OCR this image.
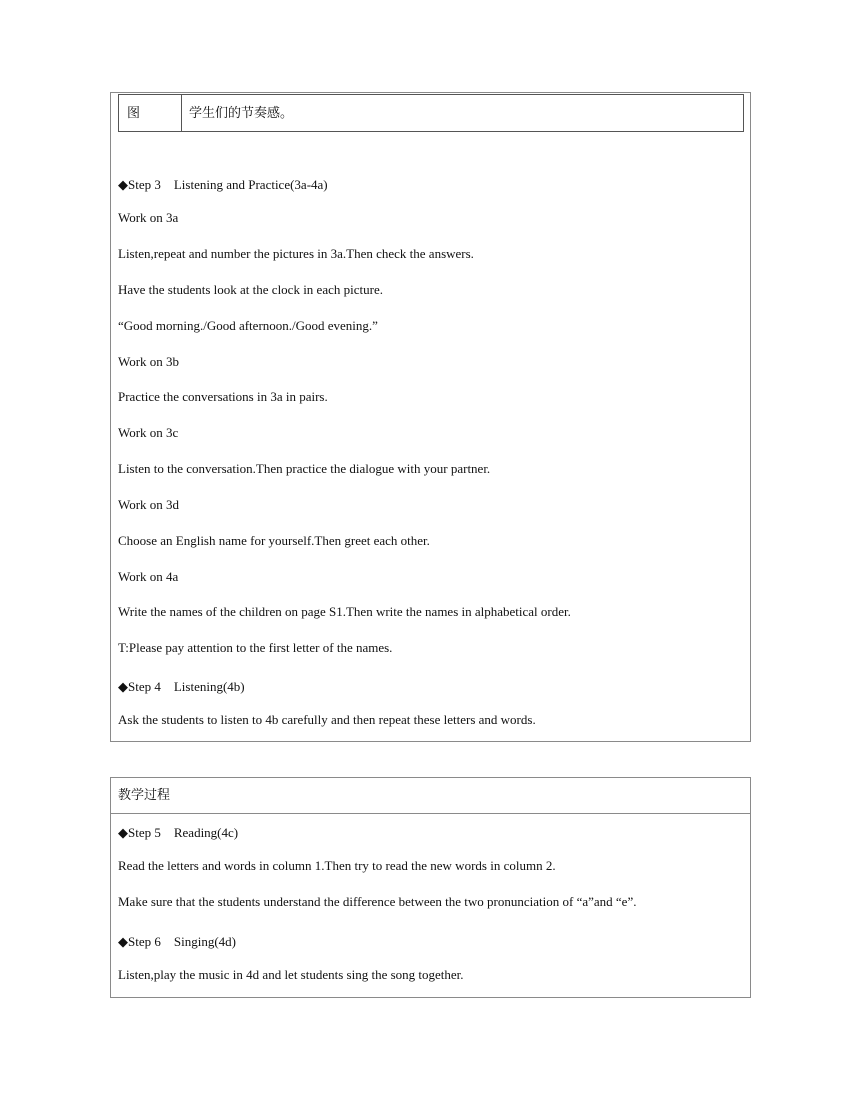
图	学生们的节奏感。
◆Step 3　Listening and Practice(3a-4a)
Work on 3a
Listen,repeat and number the pictures in 3a.Then check the answers.
Have the students look at the clock in each picture.
“Good morning./Good afternoon./Good evening.”
Work on 3b
Practice the conversations in 3a in pairs.
Work on 3c
Listen to the conversation.Then practice the dialogue with your partner.
Work on 3d
Choose an English name for yourself.Then greet each other.
Work on 4a
Write the names of the children on page S1.Then write the names in alphabetical order.
T:Please pay attention to the first letter of the names.
◆Step 4　Listening(4b)
Ask the students to listen to 4b carefully and then repeat these letters and words.
教学过程
◆Step 5　Reading(4c)
Read the letters and words in column 1.Then try to read the new words in column 2.
Make sure that the students understand the difference between the two pronunciation of “a”and “e”.
◆Step 6　Singing(4d)
Listen,play the music in 4d and let students sing the song together.
